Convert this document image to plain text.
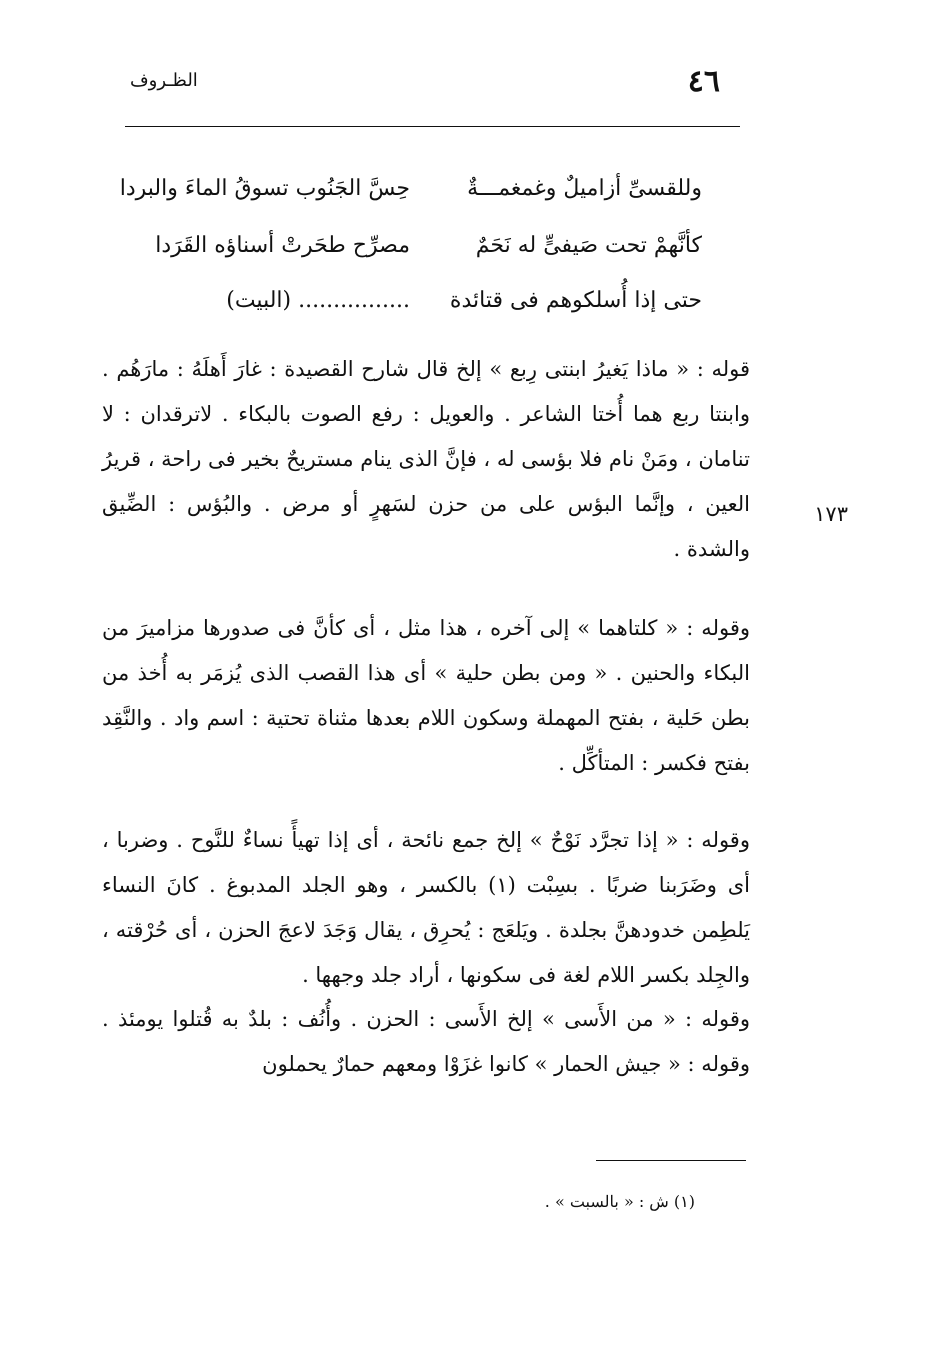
الظـروف	٤٦
وللقسىِّ أزاميلٌ وغمغمـــةٌ
حِسَّ الجَنُوب تسوقُ الماءَ والبردا
كأنَّهمْ تحت صَيفىٍّ له نَحَمٌ
مصرِّح طحَرتْ أسناؤه القَرَدا
حتى إذا أُسلكوهم فى قتائدة
................ (البيت)
قوله : « ماذا يَغيرُ ابنتى رِبع » إلخ قال شارح القصيدة : غارَ أَهلَهُ : مارَهُم . وابنتا ربع هما أُختا الشاعر . والعويل : رفع الصوت بالبكاء . لاترقدان : لا تنامان ، ومَنْ نام فلا بؤسى له ، فإنَّ الذى ينام مستريحٌ بخير فى راحة ، قريرُ العين ، وإنَّما البؤس على من حزن لسَهرٍ أو مرض . والبُؤس : الضِّيق والشدة .
١٧٣
وقوله : « كلتاهما » إلى آخره ، هذا مثل ، أى كأنَّ فى صدورها مزاميرَ من البكاء والحنين . « ومن بطن حلية » أى هذا القصب الذى يُزمَر به أُخذ من بطن حَلية ، بفتح المهملة وسكون اللام بعدها مثناة تحتية : اسم واد . والنَّقِد بفتح فكسر : المتأكِّل .
وقوله : « إذا تجرَّد نَوْحٌ » إلخ جمع نائحة ، أى إذا تهيأً نساءٌ للنَّوح . وضربا ، أى وضَرَبنا ضربًا . بسِبْت (١) بالكسر ، وهو الجلد المدبوغ . كانَ النساء يَلطِمن خدودهنَّ بجلدة . ويَلعَج : يُحرِق ، يقال وَجَدَ لاعجَ الحزن ، أى حُرْقته ، والجِلد بكسر اللام لغة فى سكونها ، أراد جلد وجهها .
وقوله : « من الأَسى » إلخ الأَسى : الحزن . وأُنُف : بلدٌ به قُتلوا يومئذ . وقوله : « جيش الحمار » كانوا غزَوْا ومعهم حمارٌ يحملون
(١) ش : « بالسبت » .
